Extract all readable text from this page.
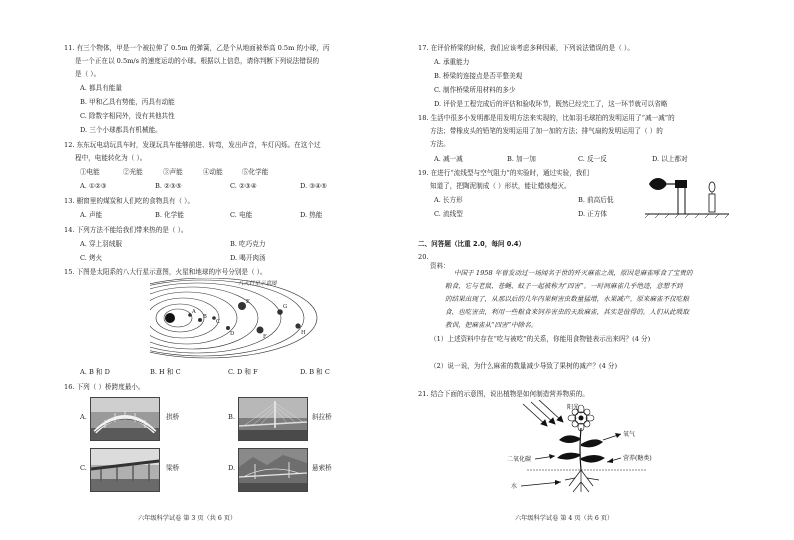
11. 有三个物体，甲是一个被拉伸了 0.5m 的弹簧，乙是个从地面被举高 0.5m 的小球，丙
是一个正在以 0.5m/s 的速度运动的小球。根据以上信息，请你判断下列说法错误的
是（ ）。
A. 都具有能量
B. 甲和乙具有势能，丙具有动能
C. 除数字相同外，没有其他共性
D. 三个小球都具有机械能。
12. 东东玩电动玩具车时，发现玩具车能够前进、转弯，发出声音，车灯闪烁。在这个过
程中，电能转化为（ ）。
①电能	②光能	③声能	④动能	⑤化学能
A. ①②③	B. ②③⑤	C. ②③④	D. ③④⑤
13. 橱窗里的煤炭和人们吃的食物具有（ ）。
A. 声能	B. 化学能	C. 电能	D. 热能
14. 下列方法不能给我们带来热的是（ ）。
A. 穿上羽绒服	B. 吃巧克力
C. 烤火	D. 喝开肉汤
15. 下图是太阳系的八大行星示意图，火星和地球的序号分别是（ ）。
八大行星示意图
A
B
C
D
E
F
G
H
A. B 和 D	B. H 和 C	C. D 和 F	D. B 和 C
16. 下列（ ）桥跨度最小。
A.	拱桥	B.	斜拉桥
C.	梁桥	D.	悬索桥
六年级科学试卷 第 3 页（共 6 页）
17. 在评价桥梁的时候，我们应该考虑多种因素，下列说法错误的是（ ）。
A. 承重能力
B. 桥梁的连接点是否平整美观
C. 制作桥梁所用材料的多少
D. 评价是工程完成后的评估和验收环节，既然已经完工了，这一环节就可以省略
18. 生活中很多小发明都是用发明方法来实现的，比如羽毛球拍的发明运用了“减一减”的
方法；带橡皮头的铅笔的发明运用了加一加的方法；排气扇的发明运用了（ ）的
方法。
A. 减一减	B. 加一加	C. 反一反	D. 以上都对
19. 在进行“流线型与空气阻力”的实验时，通过实验，我们
知道了，把陶泥制成（ ）形状，能让蜡烛熄灭。
A. 长方形	B. 前高后低
C. 流线型	D. 正方体
二、问答题（比重 2.0，每问 0.4）
20.
资料：
中国于 1958 年曾发动过一场闻名于世的歼灭麻雀之战，原因是麻雀啄食了宝贵的
粮食，它与老鼠、苍蝇、蚊子一起被称为“四害”。一时间麻雀几乎绝迹，意想不到
的结果出现了，从那以后的几年内果树害虫数量猛增，水果减产。原来麻雀不仅吃粮
食，也吃害虫，利用一些粮食来饲养害虫的天敌麻雀，其实是值得的。人们从此吸取
教训，把麻雀从“四害”中除名。
（1）上述资料中存在“吃与被吃”的关系，你能用食物链表示出来吗？(4 分)
（2）说一说，为什么麻雀的数量减少导致了果树的减产？(4 分)
21. 结合下面的示意图，说出植物是如何制造营养物质的。
阳光
氧气
二氧化碳	营养(糖类)
水
六年级科学试卷 第 4 页（共 6 页）
